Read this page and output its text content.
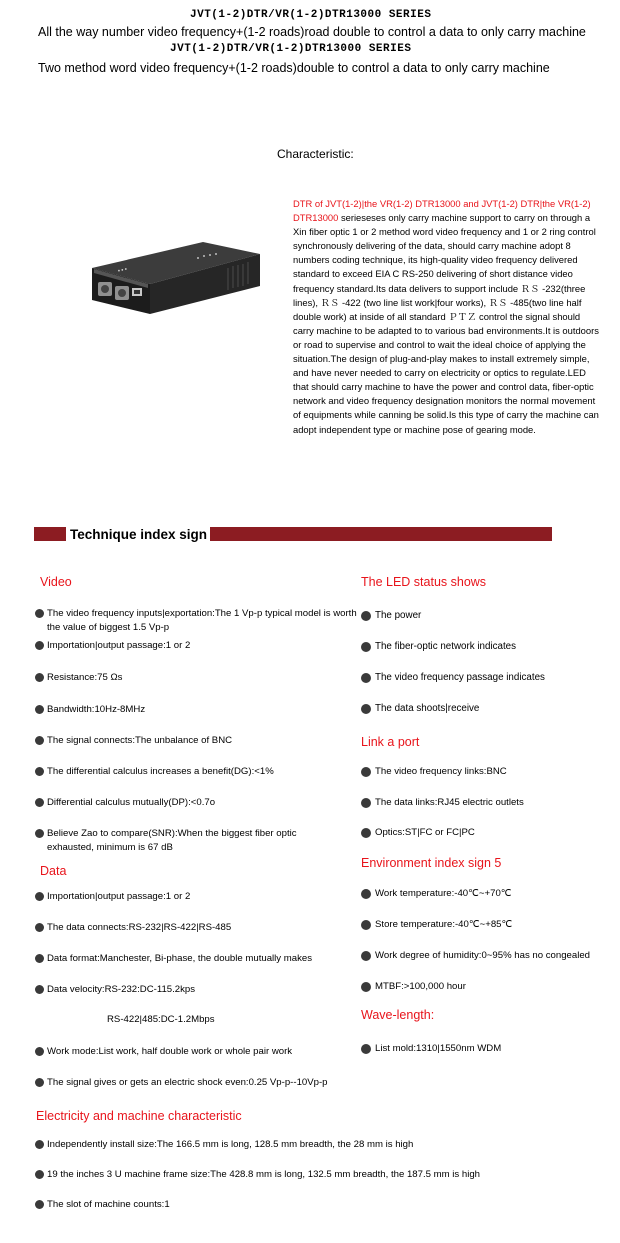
JVT(1-2)DTR/VR(1-2)DTR13000 SERIES
All the way number video frequency+(1-2 roads)road double to control a data to only carry machine
JVT(1-2)DTR/VR(1-2)DTR13000 SERIES
Two method word video frequency+(1-2 roads)double to control a data to only carry machine
Characteristic:
● ● ●
DTR of JVT(1-2)|the VR(1-2) DTR13000 and JVT(1-2) DTR|the VR(1-2) DTR13000 serieseses only carry machine support to carry on through a Xin fiber optic 1 or 2 method word video frequency and 1 or 2 ring control synchronously delivering of the data, should carry machine adopt 8 numbers coding technique, its high-quality video frequency delivered standard to exceed EIA C RS-250 delivering of short distance video frequency standard.Its data delivers to support include ＲＳ -232(three lines), ＲＳ -422 (two line list work|four works), ＲＳ -485(two line half double work) at inside of all standard ＰＴＺ control the signal should carry machine to be adapted to to various bad environments.It is outdoors or road to supervise and control to wait the ideal choice of applying the situation.The design of plug-and-play makes to install extremely simple, and have never needed to carry on electricity or optics to regulate.LED that should carry machine to have the power and control data, fiber-optic network and video frequency designation monitors the normal movement of equipments while canning be solid.Is this type of carry the machine can adopt independent type or machine pose of gearing mode.
Technique index sign
Video
The video frequency inputs|exportation:The 1 Vp-p typical model is worth the value of biggest 1.5 Vp-p
Importation|output passage:1 or 2
Resistance:75 Ωs
Bandwidth:10Hz-8MHz
The signal connects:The unbalance of BNC
The differential calculus increases a benefit(DG):<1%
Differential calculus mutually(DP):<0.7o
Believe Zao to compare(SNR):When the biggest fiber optic exhausted, minimum is 67 dB
Data
Importation|output passage:1 or 2
The data connects:RS-232|RS-422|RS-485
Data format:Manchester, Bi-phase, the double mutually makes
Data velocity:RS-232:DC-115.2kps
RS-422|485:DC-1.2Mbps
Work mode:List work, half double work or whole pair work
The signal gives or gets an electric shock even:0.25 Vp-p--10Vp-p
Electricity and machine characteristic
Independently install size:The 166.5 mm is long, 128.5 mm breadth, the 28 mm is high
19 the inches 3 U machine frame size:The 428.8 mm is long, 132.5 mm breadth, the 187.5 mm is high
The slot of machine counts:1
The LED status shows
The power
The fiber-optic network indicates
The video frequency passage indicates
The data shoots|receive
Link a port
The video frequency links:BNC
The data links:RJ45 electric outlets
Optics:ST|FC or FC|PC
Environment index sign 5
Work temperature:-40℃~+70℃
Store temperature:-40℃~+85℃
Work degree of humidity:0~95% has no congealed
MTBF:>100,000 hour
Wave-length:
List mold:1310|1550nm WDM
